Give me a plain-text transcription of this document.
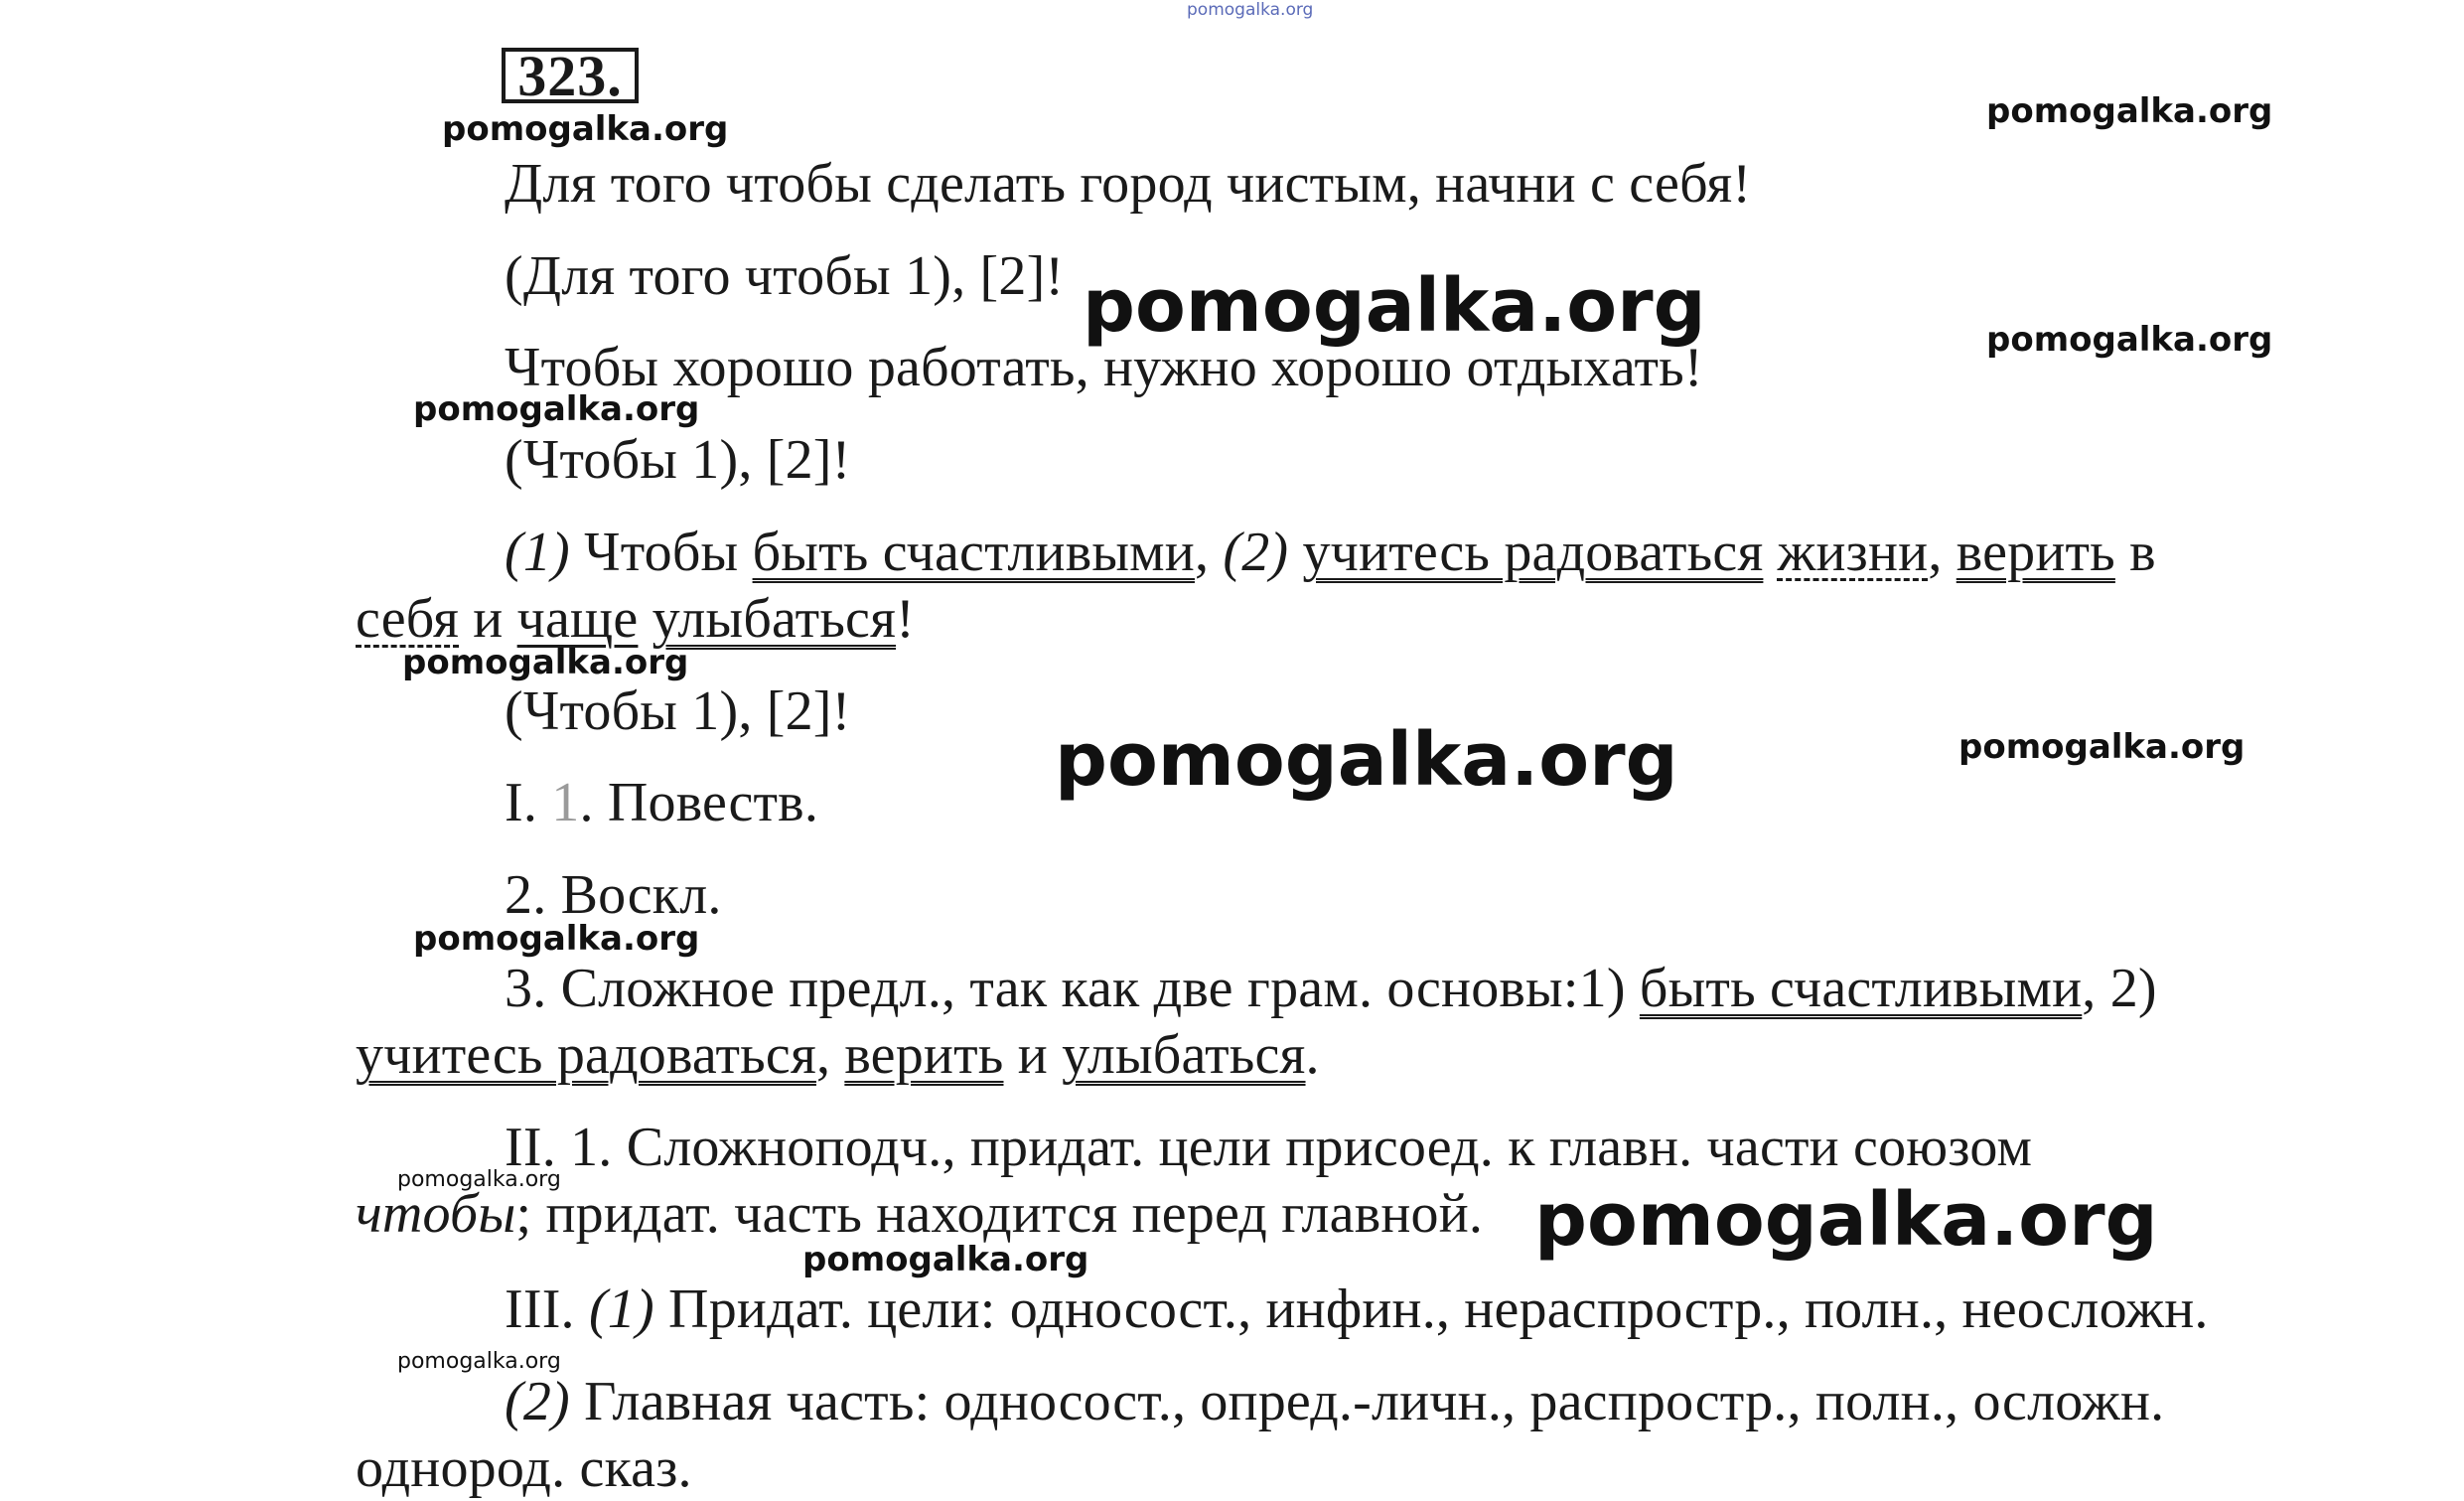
pomogalka.org
pomogalka.org	pomogalka.org
pomogalka.org	pomogalka.org
pomogalka.org
pomogalka.org
pomogalka.org
pomogalka.org
pomogalka.org
pomogalka.org	pomogalka.org
pomogalka.org
pomogalka.org
323.
Для того чтобы сделать город чистым, начни с себя!
(Для того чтобы 1), [2]!
Чтобы хорошо работать, нужно хорошо отдыхать!
(Чтобы 1), [2]!
(1) Чтобы быть счастливыми, (2) учитесь радоваться жизни, верить в
себя и чаще улыбаться!
(Чтобы 1), [2]!
I. 1. Повеств.
2. Воскл.
3. Сложное предл., так как две грам. основы:1) быть счастливыми, 2)
учитесь радоваться, верить и улыбаться.
II. 1. Сложноподч., придат. цели присоед. к главн. части союзом
чтобы; придат. часть находится перед главной.
III. (1) Придат. цели: односост., инфин., нераспростр., полн., неосложн.
(2) Главная часть: односост., опред.-личн., распростр., полн., осложн.
однород. сказ.
